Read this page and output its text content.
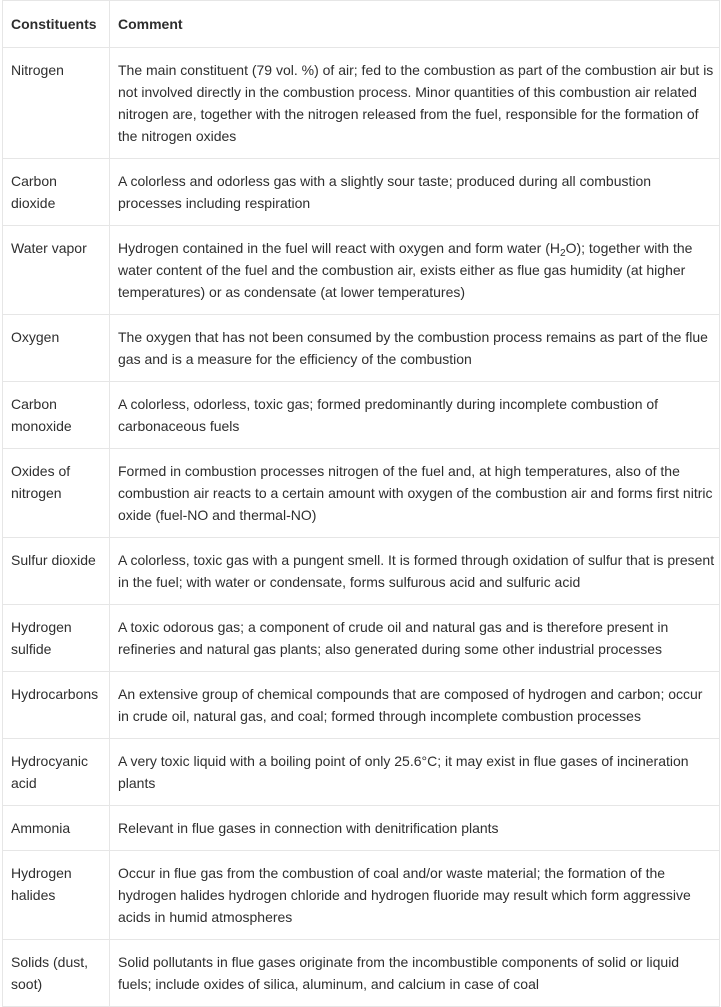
Constituents	Comment
Nitrogen	The main constituent (79 vol. %) of air; fed to the combustion as part of the combustion air but is not involved directly in the combustion process. Minor quantities of this combustion air related nitrogen are, together with the nitrogen released from the fuel, responsible for the formation of the nitrogen oxides
Carbon dioxide	A colorless and odorless gas with a slightly sour taste; produced during all combustion processes including respiration
Water vapor	Hydrogen contained in the fuel will react with oxygen and form water $(H_2O)$; together with the water content of the fuel and the combustion air, exists either as flue gas humidity (at higher temperatures) or as condensate (at lower temperatures)
Oxygen	The oxygen that has not been consumed by the combustion process remains as part of the flue gas and is a measure for the efficiency of the combustion
Carbon monoxide	A colorless, odorless, toxic gas; formed predominantly during incomplete combustion of carbonaceous fuels
Oxides of nitrogen	Formed in combustion processes nitrogen of the fuel and, at high temperatures, also of the combustion air reacts to a certain amount with oxygen of the combustion air and forms first nitric oxide (fuel-NO and thermal-NO)
Sulfur dioxide	A colorless, toxic gas with a pungent smell. It is formed through oxidation of sulfur that is present in the fuel; with water or condensate, forms sulfurous acid and sulfuric acid
Hydrogen sulfide	A toxic odorous gas; a component of crude oil and natural gas and is therefore present in refineries and natural gas plants; also generated during some other industrial processes
Hydrocarbons	An extensive group of chemical compounds that are composed of hydrogen and carbon; occur in crude oil, natural gas, and coal; formed through incomplete combustion processes
Hydrocyanic acid	A very toxic liquid with a boiling point of only 25.6°C; it may exist in flue gases of incineration plants
Ammonia	Relevant in flue gases in connection with denitrification plants
Hydrogen halides	Occur in flue gas from the combustion of coal and/or waste material; the formation of the hydrogen halides hydrogen chloride and hydrogen fluoride may result which form aggressive acids in humid atmospheres
Solids (dust, soot)	Solid pollutants in flue gases originate from the incombustible components of solid or liquid fuels; include oxides of silica, aluminum, and calcium in case of coal
